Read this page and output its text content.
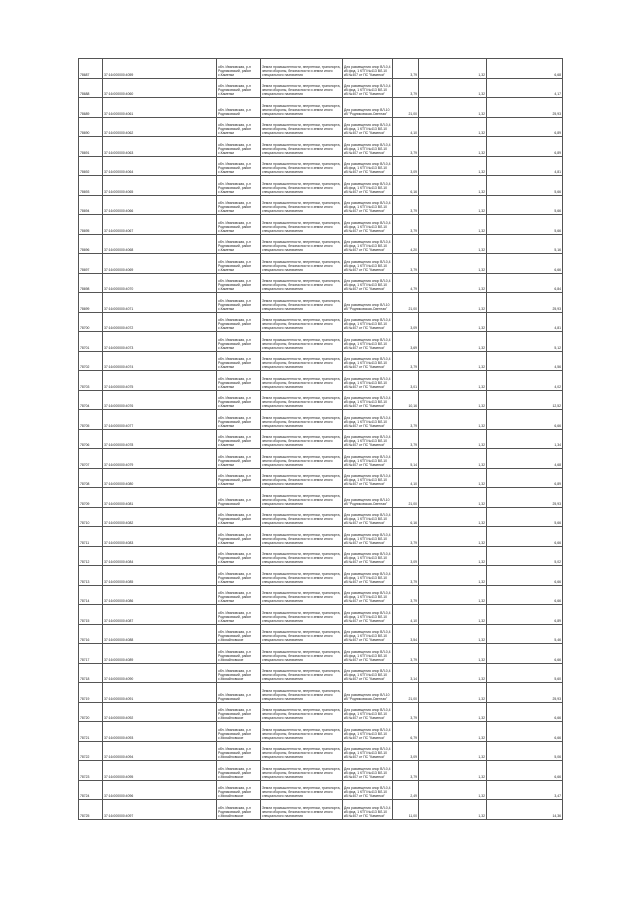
78687	37:16:000000:4059	обл. Ивановская, р-н Родниковский, район с.Каменки	Земли промышленности, энергетики, транспорта, земли обороны, безопасности и земли иного специального назначения	Для размещения опор ВЛ-0,4 кВ фид. 1 КТП №413 ВЛ-10 кВ №407 от ПС "Каменки"	3,79	1,32	6,68
78688	37:16:000000:4060	обл. Ивановская, р-н Родниковский, район с.Каменки	Земли промышленности, энергетики, транспорта, земли обороны, безопасности и земли иного специального назначения	Для размещения опор ВЛ-0,4 кВ фид. 1 КТП №413 ВЛ-10 кВ №407 от ПС "Каменки"	3,79	1,32	4,17
78689	37:16:000000:4061	обл. Ивановская, р-н Родниковский	Земли промышленности, энергетики, транспорта, земли обороны, безопасности и земли иного специального назначения	Для размещения опор ВЛ-10 кВ "Родниковская-Светлая"	21,00	1,32	25,93
78690	37:16:000000:4062	обл. Ивановская, р-н Родниковский, район с.Каменки	Земли промышленности, энергетики, транспорта, земли обороны, безопасности и земли иного специального назначения	Для размещения опор ВЛ-0,4 кВ фид. 1 КТП №413 ВЛ-10 кВ №407 от ПС "Каменки"	4,10	1,32	6,89
78691	37:16:000000:4063	обл. Ивановская, р-н Родниковский, район с.Каменки	Земли промышленности, энергетики, транспорта, земли обороны, безопасности и земли иного специального назначения	Для размещения опор ВЛ-0,4 кВ фид. 1 КТП №413 ВЛ-10 кВ №407 от ПС "Каменки"	3,79	1,32	6,89
78692	37:16:000000:4064	обл. Ивановская, р-н Родниковский, район с.Каменки	Земли промышленности, энергетики, транспорта, земли обороны, безопасности и земли иного специального назначения	Для размещения опор ВЛ-0,4 кВ фид. 1 КТП №413 ВЛ-10 кВ №407 от ПС "Каменки"	3,09	1,32	4,81
78693	37:16:000000:4065	обл. Ивановская, р-н Родниковский, район с.Каменки	Земли промышленности, энергетики, транспорта, земли обороны, безопасности и земли иного специального назначения	Для размещения опор ВЛ-0,4 кВ фид. 1 КТП №413 ВЛ-10 кВ №407 от ПС "Каменки"	6,16	1,32	5,66
78694	37:16:000000:4066	обл. Ивановская, р-н Родниковский, район с.Каменки	Земли промышленности, энергетики, транспорта, земли обороны, безопасности и земли иного специального назначения	Для размещения опор ВЛ-0,4 кВ фид. 1 КТП №413 ВЛ-10 кВ №407 от ПС "Каменки"	3,79	1,32	5,66
78695	37:16:000000:4067	обл. Ивановская, р-н Родниковский, район с.Каменки	Земли промышленности, энергетики, транспорта, земли обороны, безопасности и земли иного специального назначения	Для размещения опор ВЛ-0,4 кВ фид. 1 КТП №413 ВЛ-10 кВ №407 от ПС "Каменки"	3,79	1,32	5,66
78696	37:16:000000:4068	обл. Ивановская, р-н Родниковский, район с.Каменки	Земли промышленности, энергетики, транспорта, земли обороны, безопасности и земли иного специального назначения	Для размещения опор ВЛ-0,4 кВ фид. 1 КТП №413 ВЛ-10 кВ №407 от ПС "Каменки"	4,20	1,32	5,16
78697	37:16:000000:4069	обл. Ивановская, р-н Родниковский, район с.Каменки	Земли промышленности, энергетики, транспорта, земли обороны, безопасности и земли иного специального назначения	Для размещения опор ВЛ-0,4 кВ фид. 1 КТП №413 ВЛ-10 кВ №407 от ПС "Каменки"	3,79	1,32	6,66
78698	37:16:000000:4070	обл. Ивановская, р-н Родниковский, район с.Каменки	Земли промышленности, энергетики, транспорта, земли обороны, безопасности и земли иного специального назначения	Для размещения опор ВЛ-0,4 кВ фид. 1 КТП №413 ВЛ-10 кВ №407 от ПС "Каменки"	4,79	1,32	6,84
78699	37:16:000000:4071	обл. Ивановская, р-н Родниковский, район с.Каменки	Земли промышленности, энергетики, транспорта, земли обороны, безопасности и земли иного специального назначения	Для размещения опор ВЛ-10 кВ "Родниковская-Светлая"	21,00	1,32	25,93
78700	37:16:000000:4072	обл. Ивановская, р-н Родниковский, район с.Каменки	Земли промышленности, энергетики, транспорта, земли обороны, безопасности и земли иного специального назначения	Для размещения опор ВЛ-0,4 кВ фид. 1 КТП №413 ВЛ-10 кВ №407 от ПС "Каменки"	3,09	1,32	4,81
78701	37:16:000000:4073	обл. Ивановская, р-н Родниковский, район с.Каменки	Земли промышленности, энергетики, транспорта, земли обороны, безопасности и земли иного специального назначения	Для размещения опор ВЛ-0,4 кВ фид. 1 КТП №413 ВЛ-10 кВ №407 от ПС "Каменки"	3,69	1,32	5,12
78702	37:16:000000:4074	обл. Ивановская, р-н Родниковский, район с.Каменки	Земли промышленности, энергетики, транспорта, земли обороны, безопасности и земли иного специального назначения	Для размещения опор ВЛ-0,4 кВ фид. 1 КТП №413 ВЛ-10 кВ №407 от ПС "Каменки"	3,79	1,32	4,56
78703	37:16:000000:4075	обл. Ивановская, р-н Родниковский, район с.Каменки	Земли промышленности, энергетики, транспорта, земли обороны, безопасности и земли иного специального назначения	Для размещения опор ВЛ-0,4 кВ фид. 1 КТП №413 ВЛ-10 кВ №407 от ПС "Каменки"	3,01	1,32	4,02
78704	37:16:000000:4076	обл. Ивановская, р-н Родниковский, район с.Каменки	Земли промышленности, энергетики, транспорта, земли обороны, безопасности и земли иного специального назначения	Для размещения опор ВЛ-0,4 кВ фид. 1 КТП №413 ВЛ-10 кВ №407 от ПС "Каменки"	10,16	1,32	12,52
78705	37:16:000000:4077	обл. Ивановская, р-н Родниковский, район с.Каменки	Земли промышленности, энергетики, транспорта, земли обороны, безопасности и земли иного специального назначения	Для размещения опор ВЛ-0,4 кВ фид. 1 КТП №413 ВЛ-10 кВ №407 от ПС "Каменки"	3,79	1,32	6,66
78706	37:16:000000:4078	обл. Ивановская, р-н Родниковский, район с.Каменки	Земли промышленности, энергетики, транспорта, земли обороны, безопасности и земли иного специального назначения	Для размещения опор ВЛ-0,4 кВ фид. 1 КТП №413 ВЛ-10 кВ №407 от ПС "Каменки"	3,79	1,32	1,34
78707	37:16:000000:4079	обл. Ивановская, р-н Родниковский, район с.Каменки	Земли промышленности, энергетики, транспорта, земли обороны, безопасности и земли иного специального назначения	Для размещения опор ВЛ-0,4 кВ фид. 1 КТП №413 ВЛ-10 кВ №407 от ПС "Каменки"	5,14	1,32	4,68
78708	37:16:000000:4080	обл. Ивановская, р-н Родниковский, район с.Каменки	Земли промышленности, энергетики, транспорта, земли обороны, безопасности и земли иного специального назначения	Для размещения опор ВЛ-0,4 кВ фид. 1 КТП №413 ВЛ-10 кВ №407 от ПС "Каменки"	4,10	1,32	6,89
78709	37:16:000000:4081	обл. Ивановская, р-н Родниковский	Земли промышленности, энергетики, транспорта, земли обороны, безопасности и земли иного специального назначения	Для размещения опор ВЛ-10 кВ "Родниковская-Светлая"	21,00	1,32	25,93
78710	37:16:000000:4082	обл. Ивановская, р-н Родниковский, район с.Каменки	Земли промышленности, энергетики, транспорта, земли обороны, безопасности и земли иного специального назначения	Для размещения опор ВЛ-0,4 кВ фид. 1 КТП №413 ВЛ-10 кВ №407 от ПС "Каменки"	6,16	1,32	5,66
78711	37:16:000000:4083	обл. Ивановская, р-н Родниковский, район с.Каменки	Земли промышленности, энергетики, транспорта, земли обороны, безопасности и земли иного специального назначения	Для размещения опор ВЛ-0,4 кВ фид. 1 КТП №413 ВЛ-10 кВ №407 от ПС "Каменки"	3,79	1,32	6,66
78712	37:16:000000:4084	обл. Ивановская, р-н Родниковский, район с.Каменки	Земли промышленности, энергетики, транспорта, земли обороны, безопасности и земли иного специального назначения	Для размещения опор ВЛ-0,4 кВ фид. 1 КТП №413 ВЛ-10 кВ №407 от ПС "Каменки"	3,09	1,32	5,02
78713	37:16:000000:4085	обл. Ивановская, р-н Родниковский, район с.Каменки	Земли промышленности, энергетики, транспорта, земли обороны, безопасности и земли иного специального назначения	Для размещения опор ВЛ-0,4 кВ фид. 1 КТП №413 ВЛ-10 кВ №407 от ПС "Каменки"	3,79	1,32	6,66
78714	37:16:000000:4086	обл. Ивановская, р-н Родниковский, район с.Каменки	Земли промышленности, энергетики, транспорта, земли обороны, безопасности и земли иного специального назначения	Для размещения опор ВЛ-0,4 кВ фид. 1 КТП №413 ВЛ-10 кВ №407 от ПС "Каменки"	3,79	1,32	6,66
78715	37:16:000000:4087	обл. Ивановская, р-н Родниковский, район с.Каменки	Земли промышленности, энергетики, транспорта, земли обороны, безопасности и земли иного специального назначения	Для размещения опор ВЛ-0,4 кВ фид. 1 КТП №413 ВЛ-10 кВ №407 от ПС "Каменки"	4,10	1,32	6,89
78716	37:16:000000:4088	обл. Ивановская, р-н Родниковский, район с.Михайловское	Земли промышленности, энергетики, транспорта, земли обороны, безопасности и земли иного специального назначения	Для размещения опор ВЛ-0,4 кВ фид. 1 КТП №413 ВЛ-10 кВ №407 от ПС "Каменки"	3,54	1,32	5,46
78717	37:16:000000:4089	обл. Ивановская, р-н Родниковский, район с.Михайловское	Земли промышленности, энергетики, транспорта, земли обороны, безопасности и земли иного специального назначения	Для размещения опор ВЛ-0,4 кВ фид. 1 КТП №413 ВЛ-10 кВ №407 от ПС "Каменки"	3,79	1,32	6,66
78718	37:16:000000:4090	обл. Ивановская, р-н Родниковский, район с.Михайловское	Земли промышленности, энергетики, транспорта, земли обороны, безопасности и земли иного специального назначения	Для размещения опор ВЛ-0,4 кВ фид. 1 КТП №413 ВЛ-10 кВ №407 от ПС "Каменки"	3,14	1,32	5,60
78719	37:16:000000:4091	обл. Ивановская, р-н Родниковский	Земли промышленности, энергетики, транспорта, земли обороны, безопасности и земли иного специального назначения	Для размещения опор ВЛ-10 кВ "Родниковская-Светлая"	21,00	1,32	25,93
78720	37:16:000000:4092	обл. Ивановская, р-н Родниковский, район с.Михайловское	Земли промышленности, энергетики, транспорта, земли обороны, безопасности и земли иного специального назначения	Для размещения опор ВЛ-0,4 кВ фид. 1 КТП №413 ВЛ-10 кВ №407 от ПС "Каменки"	3,79	1,32	6,66
78721	37:16:000000:4093	обл. Ивановская, р-н Родниковский, район с.Михайловское	Земли промышленности, энергетики, транспорта, земли обороны, безопасности и земли иного специального назначения	Для размещения опор ВЛ-0,4 кВ фид. 1 КТП №413 ВЛ-10 кВ №407 от ПС "Каменки"	6,79	1,32	6,66
78722	37:16:000000:4094	обл. Ивановская, р-н Родниковский, район с.Михайловское	Земли промышленности, энергетики, транспорта, земли обороны, безопасности и земли иного специального назначения	Для размещения опор ВЛ-0,4 кВ фид. 1 КТП №413 ВЛ-10 кВ №407 от ПС "Каменки"	3,09	1,32	5,06
78723	37:16:000000:4095	обл. Ивановская, р-н Родниковский, район с.Михайловское	Земли промышленности, энергетики, транспорта, земли обороны, безопасности и земли иного специального назначения	Для размещения опор ВЛ-0,4 кВ фид. 1 КТП №413 ВЛ-10 кВ №407 от ПС "Каменки"	3,79	1,32	6,66
78724	37:16:000000:4096	обл. Ивановская, р-н Родниковский, район с.Михайловское	Земли промышленности, энергетики, транспорта, земли обороны, безопасности и земли иного специального назначения	Для размещения опор ВЛ-0,4 кВ фид. 1 КТП №413 ВЛ-10 кВ №407 от ПС "Каменки"	2,49	1,32	3,47
78725	37:16:000000:4097	обл. Ивановская, р-н Родниковский, район с.Михайловское	Земли промышленности, энергетики, транспорта, земли обороны, безопасности и земли иного специального назначения	Для размещения опор ВЛ-0,4 кВ фид. 1 КТП №413 ВЛ-10 кВ №407 от ПС "Каменки"	11,00	1,32	14,36
